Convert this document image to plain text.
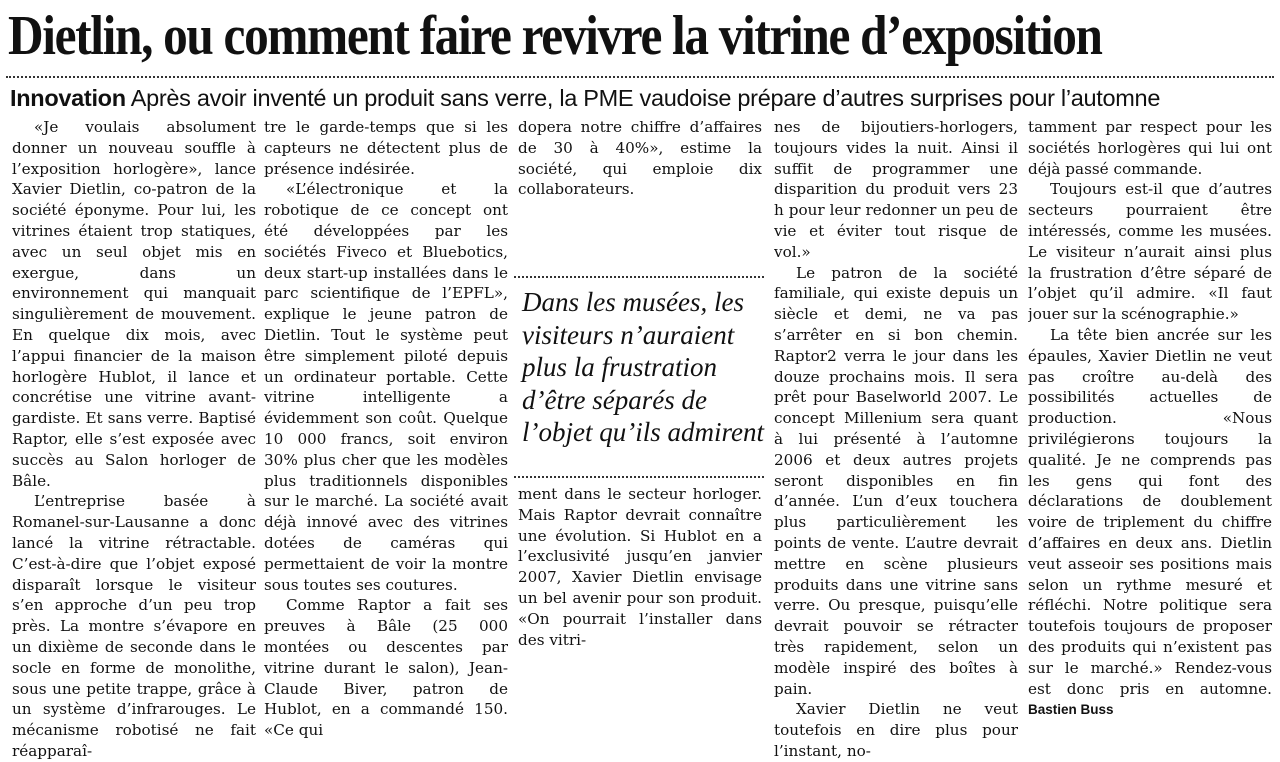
Dietlin, ou comment faire revivre la vitrine d’exposition
Innovation Après avoir inventé un produit sans verre, la PME vaudoise prépare d’autres surprises pour l’automne

«Je voulais absolument donner un nouveau souffle à l’exposition horlogère», lance Xavier Dietlin, co-patron de la société éponyme. Pour lui, les vitrines étaient trop statiques, avec un seul objet mis en exergue, dans un environnement qui manquait singulièrement de mouvement. En quelque dix mois, avec l’appui financier de la maison horlogère Hublot, il lance et concrétise une vitrine avant-gardiste. Et sans verre. Baptisé Raptor, elle s’est exposée avec succès au Salon horloger de Bâle.

L’entreprise basée à Romanel-sur-Lausanne a donc lancé la vitrine rétractable. C’est-à-dire que l’objet exposé disparaît lorsque le visiteur s’en approche d’un peu trop près. La montre s’évapore en un dixième de seconde dans le socle en forme de monolithe, sous une petite trappe, grâce à un système d’infrarouges. Le mécanisme robotisé ne fait réapparaî-

tre le garde-temps que si les capteurs ne détectent plus de présence indésirée.

«L’électronique et la robotique de ce concept ont été développées par les sociétés Fiveco et Bluebotics, deux start-up installées dans le parc scientifique de l’EPFL», explique le jeune patron de Dietlin. Tout le système peut être simplement piloté depuis un ordinateur portable. Cette vitrine intelligente a évidemment son coût. Quelque 10 000 francs, soit environ 30% plus cher que les modèles plus traditionnels disponibles sur le marché. La société avait déjà innové avec des vitrines dotées de caméras qui permettaient de voir la montre sous toutes ses coutures.

Comme Raptor a fait ses preuves à Bâle (25 000 montées ou descentes par vitrine durant le salon), Jean-Claude Biver, patron de Hublot, en a commandé 150. «Ce qui

dopera notre chiffre d’affaires de 30 à 40%», estime la société, qui emploie dix collaborateurs.

Dans les musées, les visiteurs n’auraient plus la frustration d’être séparés de l’objet qu’ils admirent

ment dans le secteur horloger. Mais Raptor devrait connaître une évolution. Si Hublot en a l’exclusivité jusqu’en janvier 2007, Xavier Dietlin envisage un bel avenir pour son produit. «On pourrait l’installer dans des vitri-

nes de bijoutiers-horlogers, toujours vides la nuit. Ainsi il suffit de programmer une disparition du produit vers 23 h pour leur redonner un peu de vie et éviter tout risque de vol.»

Le patron de la société familiale, qui existe depuis un siècle et demi, ne va pas s’arrêter en si bon chemin. Raptor2 verra le jour dans les douze prochains mois. Il sera prêt pour Baselworld 2007. Le concept Millenium sera quant à lui présenté à l’automne 2006 et deux autres projets seront disponibles en fin d’année. L’un d’eux touchera plus particulièrement les points de vente. L’autre devrait mettre en scène plusieurs produits dans une vitrine sans verre. Ou presque, puisqu’elle devrait pouvoir se rétracter très rapidement, selon un modèle inspiré des boîtes à pain.

Xavier Dietlin ne veut toutefois en dire plus pour l’instant, no-

tamment par respect pour les sociétés horlogères qui lui ont déjà passé commande.

Toujours est-il que d’autres secteurs pourraient être intéressés, comme les musées. Le visiteur n’aurait ainsi plus la frustration d’être séparé de l’objet qu’il admire. «Il faut jouer sur la scénographie.»

La tête bien ancrée sur les épaules, Xavier Dietlin ne veut pas croître au-delà des possibilités actuelles de production. «Nous privilégierons toujours la qualité. Je ne comprends pas les gens qui font des déclarations de doublement voire de triplement du chiffre d’affaires en deux ans. Dietlin veut asseoir ses positions mais selon un rythme mesuré et réfléchi. Notre politique sera toutefois toujours de proposer des produits qui n’existent pas sur le marché.» Rendez-vous est donc pris en automne. Bastien Buss
